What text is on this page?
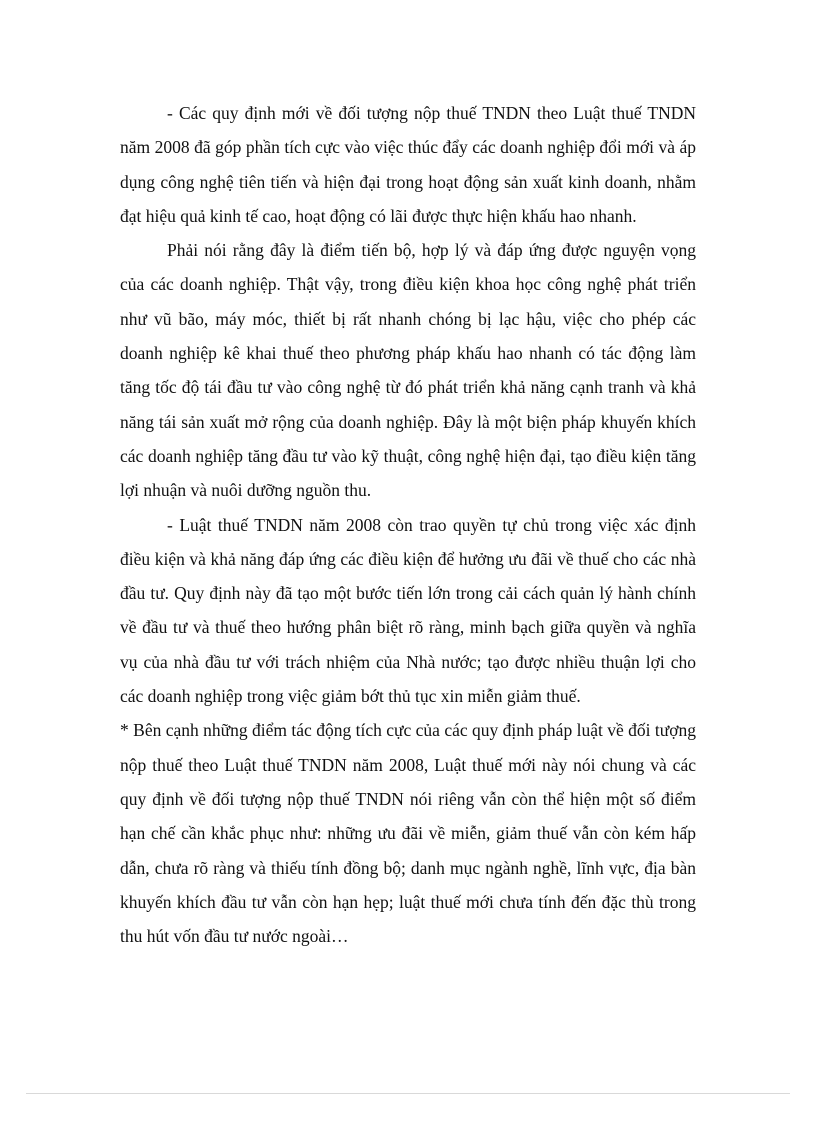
- Các quy định mới về đối tượng nộp thuế TNDN theo Luật thuế TNDN năm 2008 đã góp phần tích cực vào việc thúc đẩy các doanh nghiệp đổi mới và áp dụng công nghệ tiên tiến và hiện đại trong hoạt động sản xuất kinh doanh, nhằm đạt hiệu quả kinh tế cao, hoạt động có lãi được thực hiện khấu hao nhanh.

Phải nói rằng đây là điểm tiến bộ, hợp lý và đáp ứng được nguyện vọng của các doanh nghiệp. Thật vậy, trong điều kiện khoa học công nghệ phát triển như vũ bão, máy móc, thiết bị rất nhanh chóng bị lạc hậu, việc cho phép các doanh nghiệp kê khai thuế theo phương pháp khấu hao nhanh có tác động làm tăng tốc độ tái đầu tư vào công nghệ từ đó phát triển khả năng cạnh tranh và khả năng tái sản xuất mở rộng của doanh nghiệp. Đây là một biện pháp khuyến khích các doanh nghiệp tăng đầu tư vào kỹ thuật, công nghệ hiện đại, tạo điều kiện tăng lợi nhuận và nuôi dưỡng nguồn thu.

- Luật thuế TNDN năm 2008 còn trao quyền tự chủ trong việc xác định điều kiện và khả năng đáp ứng các điều kiện để hưởng ưu đãi về thuế cho các nhà đầu tư. Quy định này đã tạo một bước tiến lớn trong cải cách quản lý hành chính về đầu tư và thuế theo hướng phân biệt rõ ràng, minh bạch giữa quyền và nghĩa vụ của nhà đầu tư với trách nhiệm của Nhà nước; tạo được nhiều thuận lợi cho các doanh nghiệp trong việc giảm bớt thủ tục xin miễn giảm thuế.

* Bên cạnh những điểm tác động tích cực của các quy định pháp luật về đối tượng nộp thuế theo Luật thuế TNDN năm 2008, Luật thuế mới này nói chung và các quy định về đối tượng nộp thuế TNDN nói riêng vẫn còn thể hiện một số điểm hạn chế cần khắc phục như: những ưu đãi về miễn, giảm thuế vẫn còn kém hấp dẫn, chưa rõ ràng và thiếu tính đồng bộ; danh mục ngành nghề, lĩnh vực, địa bàn khuyến khích đầu tư vẫn còn hạn hẹp; luật thuế mới chưa tính đến đặc thù trong thu hút vốn đầu tư nước ngoài…
